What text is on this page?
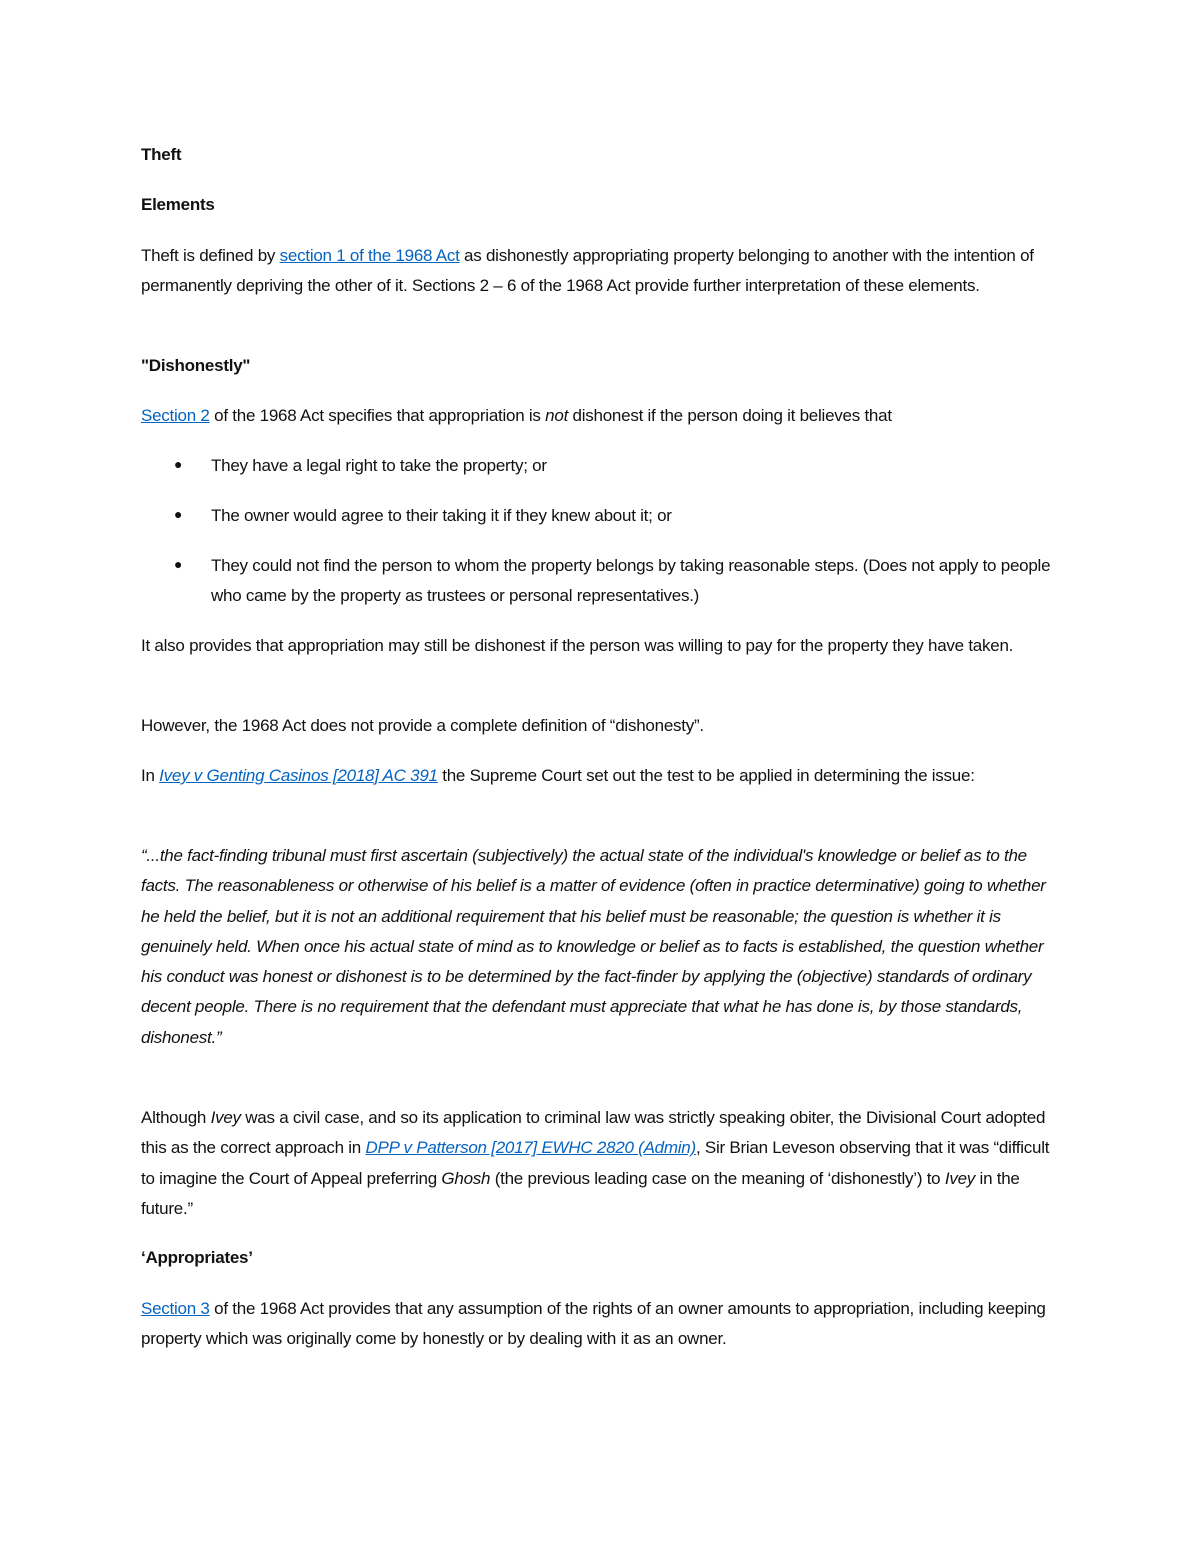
Theft
Elements
Theft is defined by section 1 of the 1968 Act as dishonestly appropriating property belonging to another with the intention of permanently depriving the other of it. Sections 2 – 6 of the 1968 Act provide further interpretation of these elements.
"Dishonestly"
Section 2 of the 1968 Act specifies that appropriation is not dishonest if the person doing it believes that
● They have a legal right to take the property; or
● The owner would agree to their taking it if they knew about it; or
● They could not find the person to whom the property belongs by taking reasonable steps. (Does not apply to people who came by the property as trustees or personal representatives.)
It also provides that appropriation may still be dishonest if the person was willing to pay for the property they have taken.
However, the 1968 Act does not provide a complete definition of “dishonesty”.
In Ivey v Genting Casinos [2018] AC 391 the Supreme Court set out the test to be applied in determining the issue:
“...the fact-finding tribunal must first ascertain (subjectively) the actual state of the individual's knowledge or belief as to the facts. The reasonableness or otherwise of his belief is a matter of evidence (often in practice determinative) going to whether he held the belief, but it is not an additional requirement that his belief must be reasonable; the question is whether it is genuinely held. When once his actual state of mind as to knowledge or belief as to facts is established, the question whether his conduct was honest or dishonest is to be determined by the fact-finder by applying the (objective) standards of ordinary decent people. There is no requirement that the defendant must appreciate that what he has done is, by those standards, dishonest.”
Although Ivey was a civil case, and so its application to criminal law was strictly speaking obiter, the Divisional Court adopted this as the correct approach in DPP v Patterson [2017] EWHC 2820 (Admin), Sir Brian Leveson observing that it was “difficult to imagine the Court of Appeal preferring Ghosh (the previous leading case on the meaning of ‘dishonestly’) to Ivey in the future.”
‘Appropriates’
Section 3 of the 1968 Act provides that any assumption of the rights of an owner amounts to appropriation, including keeping property which was originally come by honestly or by dealing with it as an owner.
